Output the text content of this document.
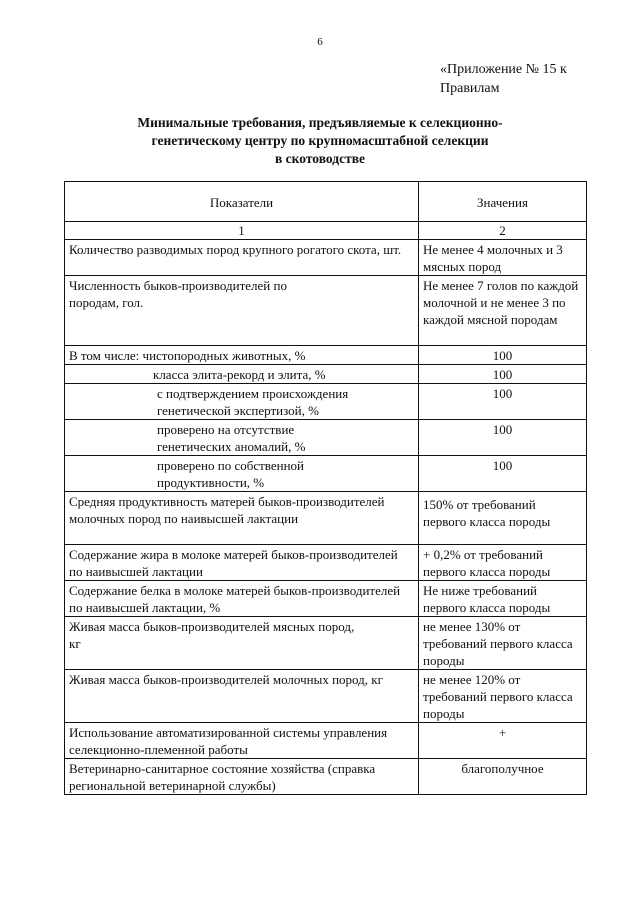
6
«Приложение № 15 к
Правилам
Минимальные требования, предъявляемые к селекционно-
генетическому центру по крупномасштабной селекции
в скотоводстве
Показатели	Значения
1	2
Количество разводимых пород крупного рогатого скота, шт.	Не менее 4 молочных и 3 мясных пород
Численность быков-производителей по породам, гол.	Не менее 7 голов по каждой молочной и не менее 3 по каждой мясной породам
В том числе: чистопородных животных, %	100
класса элита-рекорд и элита, %	100
с подтверждением происхождения генетической экспертизой, %	100
проверено на отсутствие генетических аномалий, %	100
проверено по собственной продуктивности, %	100
Средняя продуктивность матерей быков-производителей молочных пород по наивысшей лактации	150% от требований первого класса породы
Содержание жира в молоке матерей быков-производителей по наивысшей лактации	+ 0,2% от требований первого класса породы
Содержание белка в молоке матерей быков-производителей по наивысшей лактации, %	Не ниже требований первого класса породы
Живая масса быков-производителей мясных пород, кг	не менее 130% от требований первого класса породы
Живая масса быков-производителей молочных пород, кг	не менее 120% от требований первого класса породы
Использование автоматизированной системы управления селекционно-племенной работы	+
Ветеринарно-санитарное состояние хозяйства (справка региональной ветеринарной службы)	благополучное
